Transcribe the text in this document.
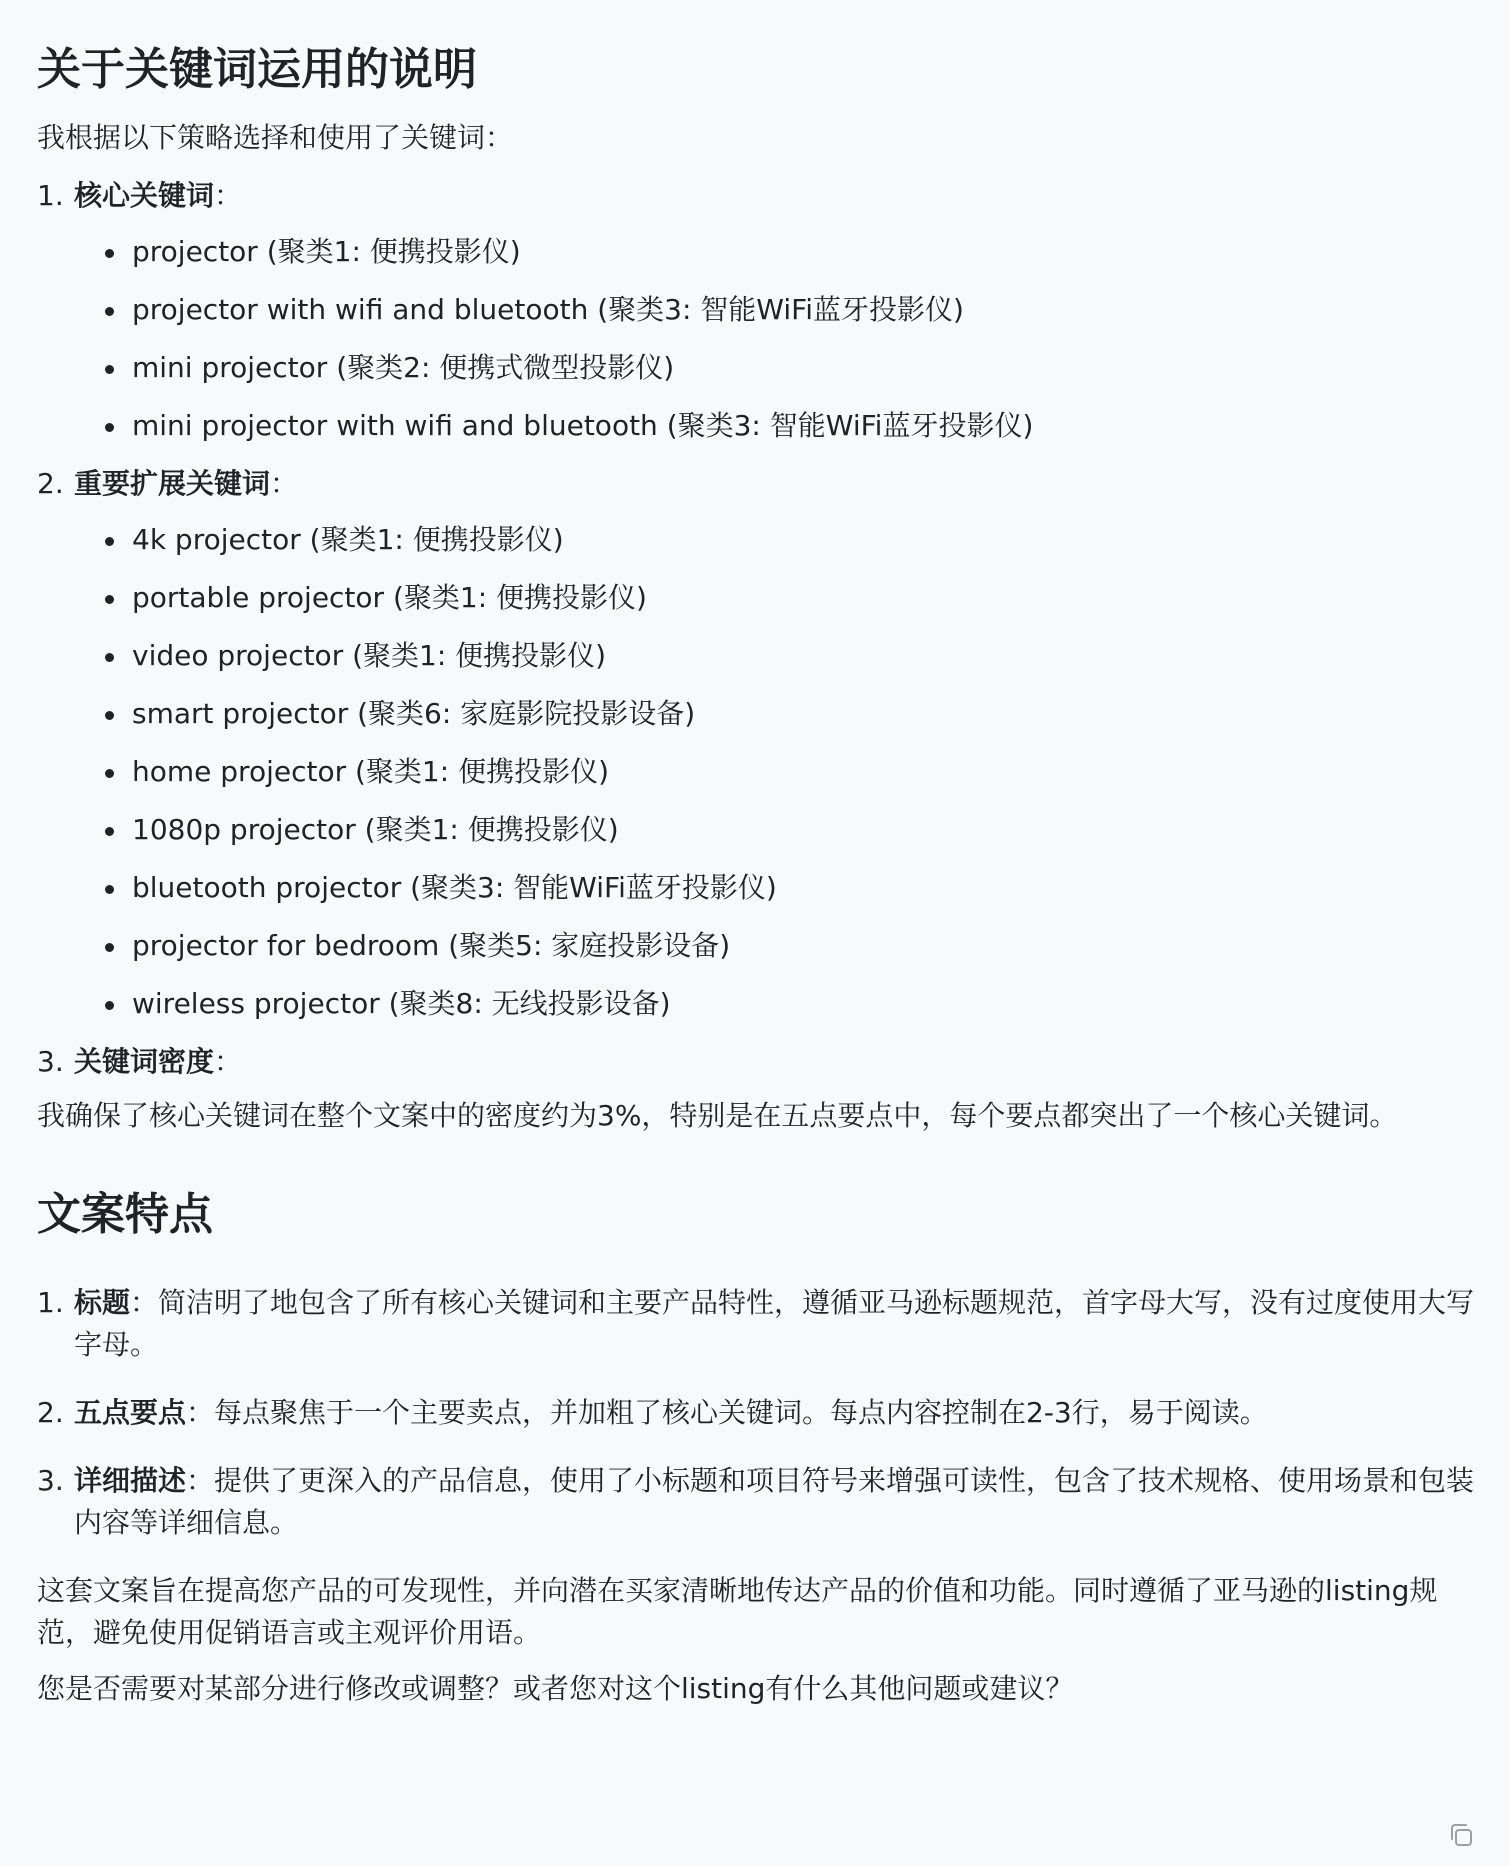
关于关键词运用的说明

我根据以下策略选择和使用了关键词：

1. 核心关键词：
projector (聚类1: 便携投影仪)
projector with wifi and bluetooth (聚类3: 智能WiFi蓝牙投影仪)
mini projector (聚类2: 便携式微型投影仪)
mini projector with wifi and bluetooth (聚类3: 智能WiFi蓝牙投影仪)
2. 重要扩展关键词：
4k projector (聚类1: 便携投影仪)
portable projector (聚类1: 便携投影仪)
video projector (聚类1: 便携投影仪)
smart projector (聚类6: 家庭影院投影设备)
home projector (聚类1: 便携投影仪)
1080p projector (聚类1: 便携投影仪)
bluetooth projector (聚类3: 智能WiFi蓝牙投影仪)
projector for bedroom (聚类5: 家庭投影设备)
wireless projector (聚类8: 无线投影设备)
3. 关键词密度：

我确保了核心关键词在整个文案中的密度约为3%，特别是在五点要点中，每个要点都突出了一个核心关键词。

文案特点
1. 标题：简洁明了地包含了所有核心关键词和主要产品特性，遵循亚马逊标题规范，首字母大写，没有过度使用大写字母。
2. 五点要点：每点聚焦于一个主要卖点，并加粗了核心关键词。每点内容控制在2-3行，易于阅读。
3. 详细描述：提供了更深入的产品信息，使用了小标题和项目符号来增强可读性，包含了技术规格、使用场景和包装内容等详细信息。

这套文案旨在提高您产品的可发现性，并向潜在买家清晰地传达产品的价值和功能。同时遵循了亚马逊的listing规范，避免使用促销语言或主观评价用语。

您是否需要对某部分进行修改或调整？或者您对这个listing有什么其他问题或建议？
